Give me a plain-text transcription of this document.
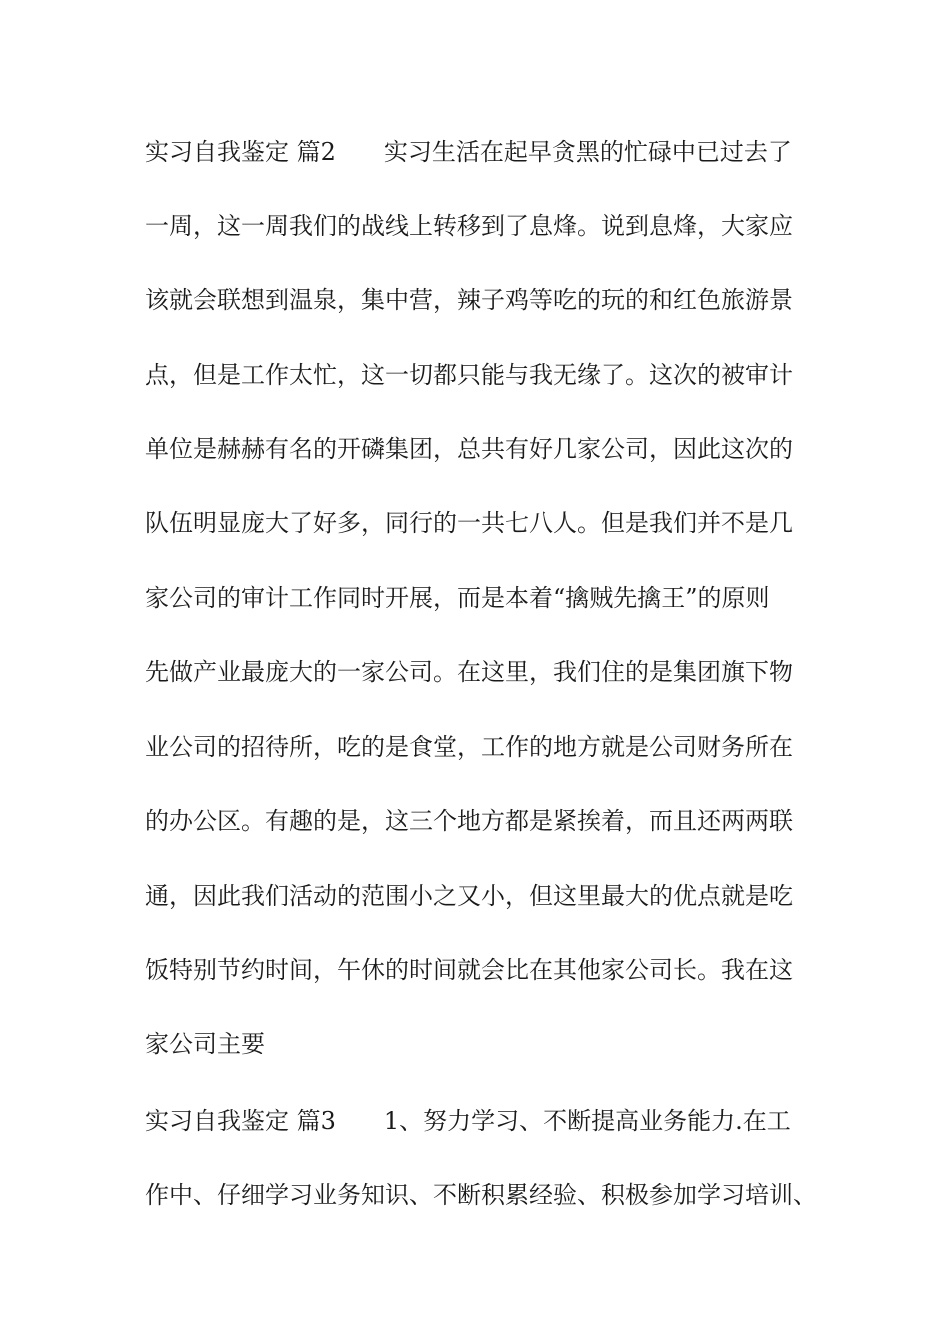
实习自我鉴定 篇2　　实习生活在起早贪黑的忙碌中已过去了
一周，这一周我们的战线上转移到了息烽。说到息烽，大家应
该就会联想到温泉，集中营，辣子鸡等吃的玩的和红色旅游景
点，但是工作太忙，这一切都只能与我无缘了。这次的被审计
单位是赫赫有名的开磷集团，总共有好几家公司，因此这次的
队伍明显庞大了好多，同行的一共七八人。但是我们并不是几
家公司的审计工作同时开展，而是本着“擒贼先擒王”的原则
先做产业最庞大的一家公司。在这里，我们住的是集团旗下物
业公司的招待所，吃的是食堂，工作的地方就是公司财务所在
的办公区。有趣的是，这三个地方都是紧挨着，而且还两两联
通，因此我们活动的范围小之又小，但这里最大的优点就是吃
饭特别节约时间，午休的时间就会比在其他家公司长。我在这
家公司主要
实习自我鉴定 篇3　　1、努力学习、不断提高业务能力.在工
作中、仔细学习业务知识、不断积累经验、积极参加学习培训、
